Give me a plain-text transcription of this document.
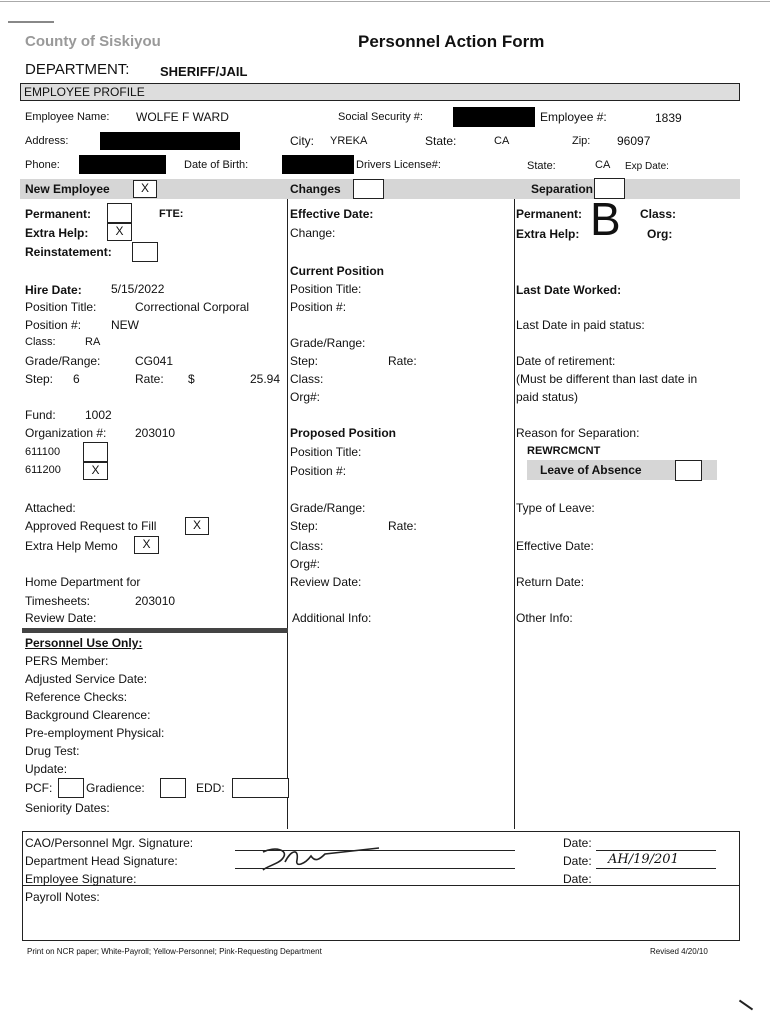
County of Siskiyou	Personnel Action Form
DEPARTMENT: SHERIFF/JAIL
EMPLOYEE PROFILE
Employee Name: WOLFE F WARD	Social Security #:	Employee #:	1839
Address:	City: YREKA	State:	CA	Zip: 96097
Phone:	Date of Birth:	Drivers License#:	State:	CA Exp Date:
New Employee	X	Changes	Separation
Permanent:	FTE:
Extra Help:	X
Reinstatement:
Hire Date: 5/15/2022
Position Title:	Correctional Corporal
Position #: NEW
Class:	RA
Grade/Range:	CG041
Step: 6	Rate: $	25.94
Fund: 1002
Organization #: 203010
611100
611200	X
Attached:
Approved Request to Fill	X
Extra Help Memo	X
Home Department for
Timesheets:	203010
Review Date:
Personnel Use Only:
PERS Member:
Adjusted Service Date:
Reference Checks:
Background Clearence:
Pre-employment Physical:
Drug Test:
Update:
PCF:	Gradience:	EDD:
Seniority Dates:
Effective Date:
Change:
Current Position
Position Title:
Position #:
Grade/Range:
Step:	Rate:
Class:
Org#:
Proposed Position
Position Title:
Position #:
Grade/Range:
Step:	Rate:
Class:
Org#:
Review Date:
Additional Info:
Permanent: B Class:
Extra Help:	Org:
Last Date Worked:
Last Date in paid status:
Date of retirement:
(Must be different than last date in
paid status)
Reason for Separation:
REWRCMCNT
Leave of Absence
Type of Leave:
Effective Date:
Return Date:
Other Info:
CAO/Personnel Mgr. Signature:
Department Head Signature:
Employee Signature:
Payroll Notes:
Date:
Date: AH/19/201
Date:
Print on NCR paper; White-Payroll; Yellow-Personnel; Pink-Requesting Department	Revised 4/20/10
